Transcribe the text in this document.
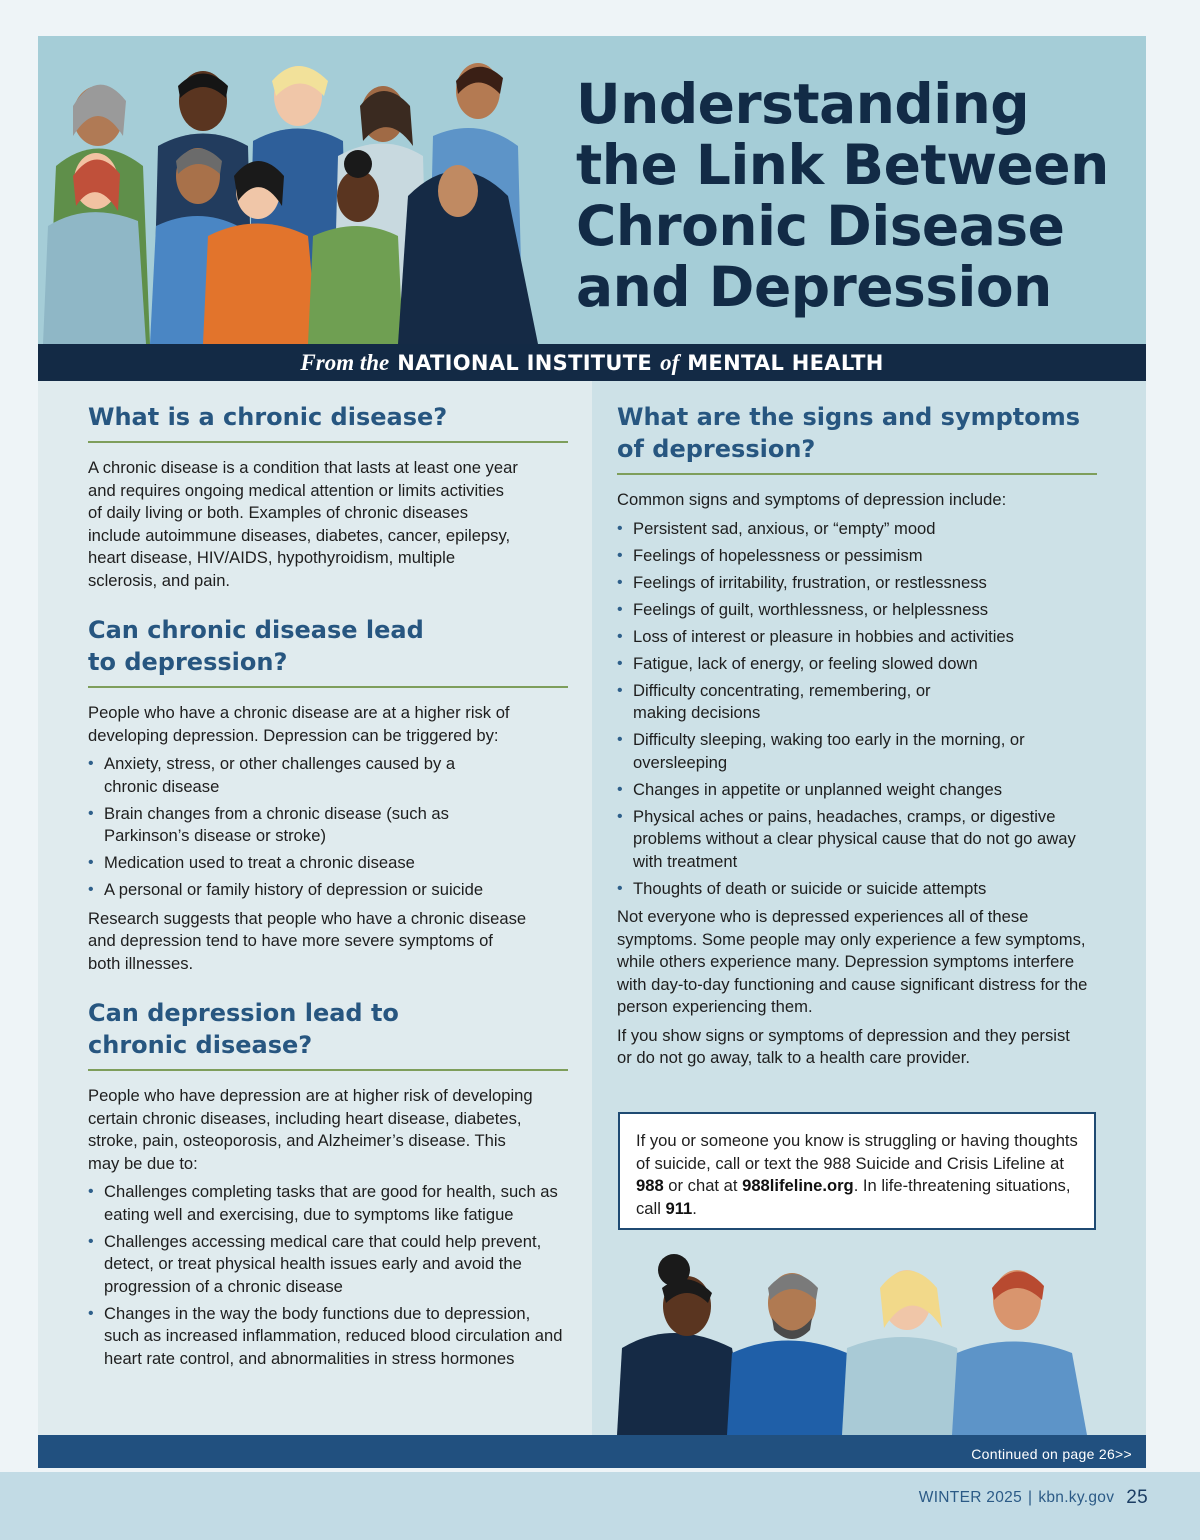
Understanding
the Link Between
Chronic Disease
and Depression
From the NATIONAL INSTITUTE of MENTAL HEALTH
What is a chronic disease?

A chronic disease is a condition that lasts at least one year and requires ongoing medical attention or limits activities of daily living or both. Examples of chronic diseases include autoimmune diseases, diabetes, cancer, epilepsy, heart disease, HIV/AIDS, hypothyroidism, multiple sclerosis, and pain.

Can chronic disease lead
to depression?

People who have a chronic disease are at a higher risk of developing depression. Depression can be triggered by:

• Anxiety, stress, or other challenges caused by a chronic disease
• Brain changes from a chronic disease (such as Parkinson’s disease or stroke)
• Medication used to treat a chronic disease
• A personal or family history of depression or suicide

Research suggests that people who have a chronic disease and depression tend to have more severe symptoms of both illnesses.

Can depression lead to
chronic disease?

People who have depression are at higher risk of developing certain chronic diseases, including heart disease, diabetes, stroke, pain, osteoporosis, and Alzheimer’s disease. This may be due to:

• Challenges completing tasks that are good for health, such as eating well and exercising, due to symptoms like fatigue
• Challenges accessing medical care that could help prevent, detect, or treat physical health issues early and avoid the progression of a chronic disease
• Changes in the way the body functions due to depression, such as increased inflammation, reduced blood circulation and heart rate control, and abnormalities in stress hormones
What are the signs and symptoms
of depression?

Common signs and symptoms of depression include:

• Persistent sad, anxious, or “empty” mood
• Feelings of hopelessness or pessimism
• Feelings of irritability, frustration, or restlessness
• Feelings of guilt, worthlessness, or helplessness
• Loss of interest or pleasure in hobbies and activities
• Fatigue, lack of energy, or feeling slowed down
• Difficulty concentrating, remembering, or making decisions
• Difficulty sleeping, waking too early in the morning, or oversleeping
• Changes in appetite or unplanned weight changes
• Physical aches or pains, headaches, cramps, or digestive problems without a clear physical cause that do not go away with treatment
• Thoughts of death or suicide or suicide attempts

Not everyone who is depressed experiences all of these symptoms. Some people may only experience a few symptoms, while others experience many. Depression symptoms interfere with day-to-day functioning and cause significant distress for the person experiencing them.

If you show signs or symptoms of depression and they persist or do not go away, talk to a health care provider.

If you or someone you know is struggling or having thoughts of suicide, call or text the 988 Suicide and Crisis Lifeline at 988 or chat at 988lifeline.org. In life-threatening situations, call 911.
Continued on page 26>>
WINTER 2025 | kbn.ky.gov 25
